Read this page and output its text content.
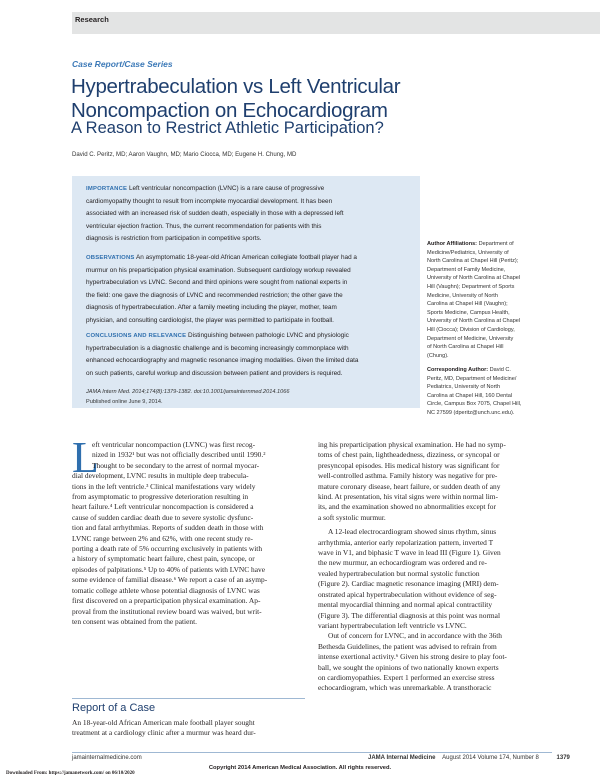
Research
Case Report/Case Series
Hypertrabeculation vs Left Ventricular Noncompaction on Echocardiogram
A Reason to Restrict Athletic Participation?
David C. Peritz, MD; Aaron Vaughn, MD; Mario Ciocca, MD; Eugene H. Chung, MD
IMPORTANCE Left ventricular noncompaction (LVNC) is a rare cause of progressive
cardiomyopathy thought to result from incomplete myocardial development. It has been
associated with an increased risk of sudden death, especially in those with a depressed left
ventricular ejection fraction. Thus, the current recommendation for patients with this
diagnosis is restriction from participation in competitive sports.
OBSERVATIONS An asymptomatic 18-year-old African American collegiate football player had a
murmur on his preparticipation physical examination. Subsequent cardiology workup revealed
hypertrabeculation vs LVNC. Second and third opinions were sought from national experts in
the field: one gave the diagnosis of LVNC and recommended restriction; the other gave the
diagnosis of hypertrabeculation. After a family meeting including the player, mother, team
physician, and consulting cardiologist, the player was permitted to participate in football.
CONCLUSIONS AND RELEVANCE Distinguishing between pathologic LVNC and physiologic
hypertrabeculation is a diagnostic challenge and is becoming increasingly commonplace with
enhanced echocardiography and magnetic resonance imaging modalities. Given the limited data
on such patients, careful workup and discussion between patient and providers is required.
JAMA Intern Med. 2014;174(8):1379-1382. doi:10.1001/jamainternmed.2014.1066
Published online June 9, 2014.
Author Affiliations: Department of
Medicine/Pediatrics, University of
North Carolina at Chapel Hill (Peritz);
Department of Family Medicine,
University of North Carolina at Chapel
Hill (Vaughn); Department of Sports
Medicine, University of North
Carolina at Chapel Hill (Vaughn);
Sports Medicine, Campus Health,
University of North Carolina at Chapel
Hill (Ciocca); Division of Cardiology,
Department of Medicine, University
of North Carolina at Chapel Hill
(Chung).
Corresponding Author: David C.
Peritz, MD, Department of Medicine/
Pediatrics, University of North
Carolina at Chapel Hill, 160 Dental
Circle, Campus Box 7075, Chapel Hill,
NC 27599 (dperitz@unch.unc.edu).
L
eft ventricular noncompaction (LVNC) was first recog-
nized in 1932¹ but was not officially described until 1990.²
Thought to be secondary to the arrest of normal myocar-
dial development, LVNC results in multiple deep trabecula-
tions in the left ventricle.³ Clinical manifestations vary widely
from asymptomatic to progressive deterioration resulting in
heart failure.⁴ Left ventricular noncompaction is considered a
cause of sudden cardiac death due to severe systolic dysfunc-
tion and fatal arrhythmias. Reports of sudden death in those with
LVNC range between 2% and 62%, with one recent study re-
porting a death rate of 5% occurring exclusively in patients with
a history of symptomatic heart failure, chest pain, syncope, or
episodes of palpitations.⁵ Up to 40% of patients with LVNC have
some evidence of familial disease.⁶ We report a case of an asymp-
tomatic college athlete whose potential diagnosis of LVNC was
first discovered on a preparticipation physical examination. Ap-
proval from the institutional review board was waived, but writ-
ten consent was obtained from the patient.
Report of a Case
An 18-year-old African American male football player sought
treatment at a cardiology clinic after a murmur was heard dur-
ing his preparticipation physical examination. He had no symp-
toms of chest pain, lightheadedness, dizziness, or syncopal or
presyncopal episodes. His medical history was significant for
well-controlled asthma. Family history was negative for pre-
mature coronary disease, heart failure, or sudden death of any
kind. At presentation, his vital signs were within normal lim-
its, and the examination showed no abnormalities except for
a soft systolic murmur.
A 12-lead electrocardiogram showed sinus rhythm, sinus
arrhythmia, anterior early repolarization pattern, inverted T
wave in V1, and biphasic T wave in lead III (Figure 1). Given
the new murmur, an echocardiogram was ordered and re-
vealed hypertrabeculation but normal systolic function
(Figure 2). Cardiac magnetic resonance imaging (MRI) dem-
onstrated apical hypertrabeculation without evidence of seg-
mental myocardial thinning and normal apical contractility
(Figure 3). The differential diagnosis at this point was normal
variant hypertrabeculation left ventricle vs LVNC.
Out of concern for LVNC, and in accordance with the 36th
Bethesda Guidelines, the patient was advised to refrain from
intense exertional activity.⁶ Given his strong desire to play foot-
ball, we sought the opinions of two nationally known experts
on cardiomyopathies. Expert 1 performed an exercise stress
echocardiogram, which was unremarkable. A transthoracic
jamainternalmedicine.com	JAMA Internal Medicine August 2014 Volume 174, Number 8	1379
Copyright 2014 American Medical Association. All rights reserved.
Downloaded From: https://jamanetwork.com/ on 06/10/2020
